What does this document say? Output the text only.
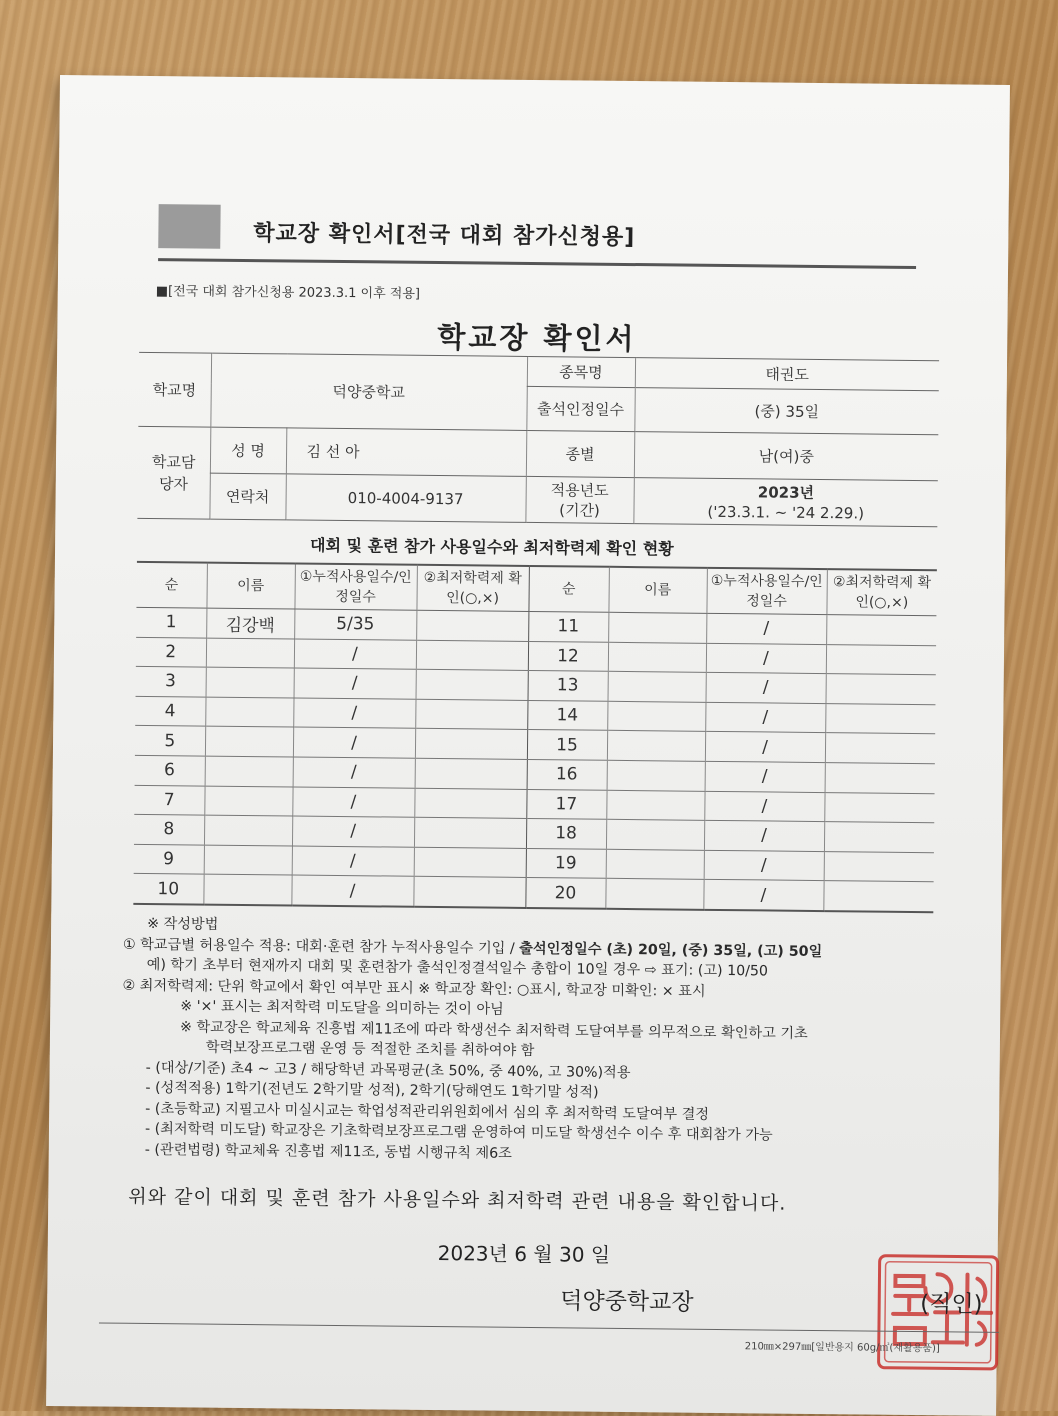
학교장 확인서[전국 대회 참가신청용]
■[전국 대회 참가신청용 2023.3.1 이후 적용]
학교장 확인서
학교명	덕양중학교		종목명	태권도
			출석인정일수	(중) 35일
학교담당자	성 명	김 선 아	종별	남(여)중
	연락처	010-4004-9137	적용년도 (기간)	2023년
('23.3.1. ~ '24 2.29.)
대회 및 훈련 참가 사용일수와 최저학력제 확인 현황
순	이름	①누적사용일수/인정일수	②최저학력제 확인(○,×)	순	이름	①누적사용일수/인정일수	②최저학력제 확인(○,×)
1	김강백	5/35		11		/	
2		/		12		/	
3		/		13		/	
4		/		14		/	
5		/		15		/	
6		/		16		/	
7		/		17		/	
8		/		18		/	
9		/		19		/	
10		/		20		/	
※ 작성방법
① 학교급별 허용일수 적용: 대회·훈련 참가 누적사용일수 기입 / 출석인정일수 (초) 20일, (중) 35일, (고) 50일
예) 학기 초부터 현재까지 대회 및 훈련참가 출석인정결석일수 총합이 10일 경우 ⇨ 표기: (고) 10/50
② 최저학력제: 단위 학교에서 확인 여부만 표시 ※ 학교장 확인: ○표시, 학교장 미확인: × 표시
※ '×' 표시는 최저학력 미도달을 의미하는 것이 아님
※ 학교장은 학교체육 진흥법 제11조에 따라 학생선수 최저학력 도달여부를 의무적으로 확인하고 기초
학력보장프로그램 운영 등 적절한 조치를 취하여야 함
- (대상/기준) 초4 ~ 고3 / 해당학년 과목평균(초 50%, 중 40%, 고 30%)적용
- (성적적용) 1학기(전년도 2학기말 성적), 2학기(당해연도 1학기말 성적)
- (초등학교) 지필고사 미실시교는 학업성적관리위원회에서 심의 후 최저학력 도달여부 결정
- (최저학력 미도달) 학교장은 기초학력보장프로그램 운영하여 미도달 학생선수 이수 후 대회참가 가능
- (관련법령) 학교체육 진흥법 제11조, 동법 시행규칙 제6조
위와 같이 대회 및 훈련 참가 사용일수와 최저학력 관련 내용을 확인합니다.
2023년 6 월 30 일
덕양중학교장	(직인)
210㎜×297㎜[일반용지 60g/㎡(재활용품)]
